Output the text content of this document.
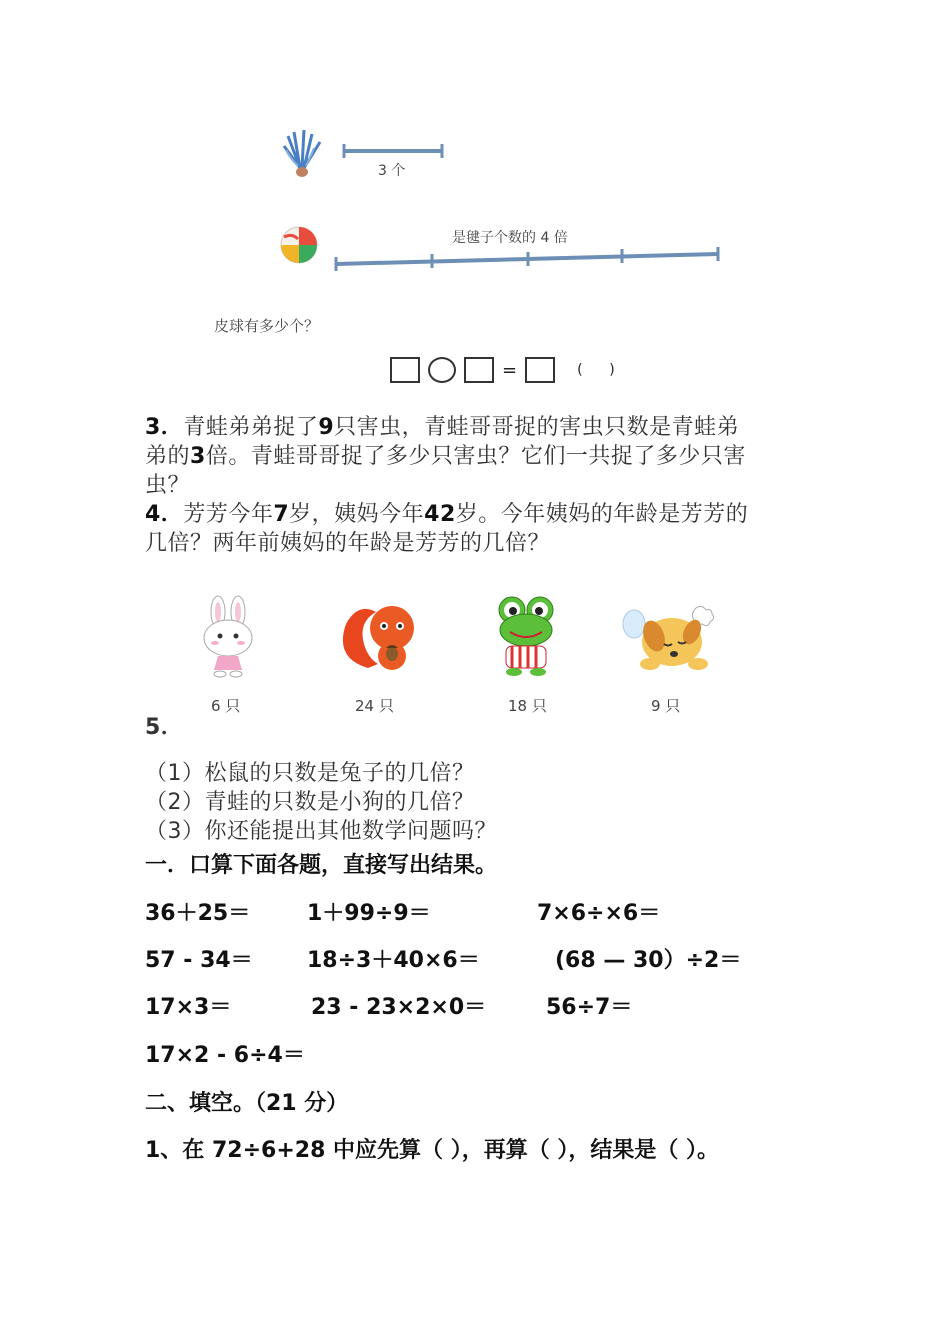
3 个
是毽子个数的 4 倍
皮球有多少个？
=	(      )
3．青蛙弟弟捉了9只害虫，青蛙哥哥捉的害虫只数是青蛙弟
弟的3倍。青蛙哥哥捉了多少只害虫？它们一共捉了多少只害
虫？
4．芳芳今年7岁，姨妈今年42岁。今年姨妈的年龄是芳芳的
几倍？两年前姨妈的年龄是芳芳的几倍？
6 只	24 只	18 只	9 只
5．
（1）松鼠的只数是兔子的几倍？
（2）青蛙的只数是小狗的几倍？
（3）你还能提出其他数学问题吗？
一．口算下面各题，直接写出结果。
36＋25＝	1＋99÷9＝	7×6÷×6＝
57 - 34＝ 18÷3＋40×6＝	(68 — 30）÷2＝
17×3＝	23 - 23×2×0＝	56÷7＝
17×2 - 6÷4＝
二、填空。（21 分）
1、在 72÷6+28 中应先算（ ），再算（ ），结果是（ ）。
